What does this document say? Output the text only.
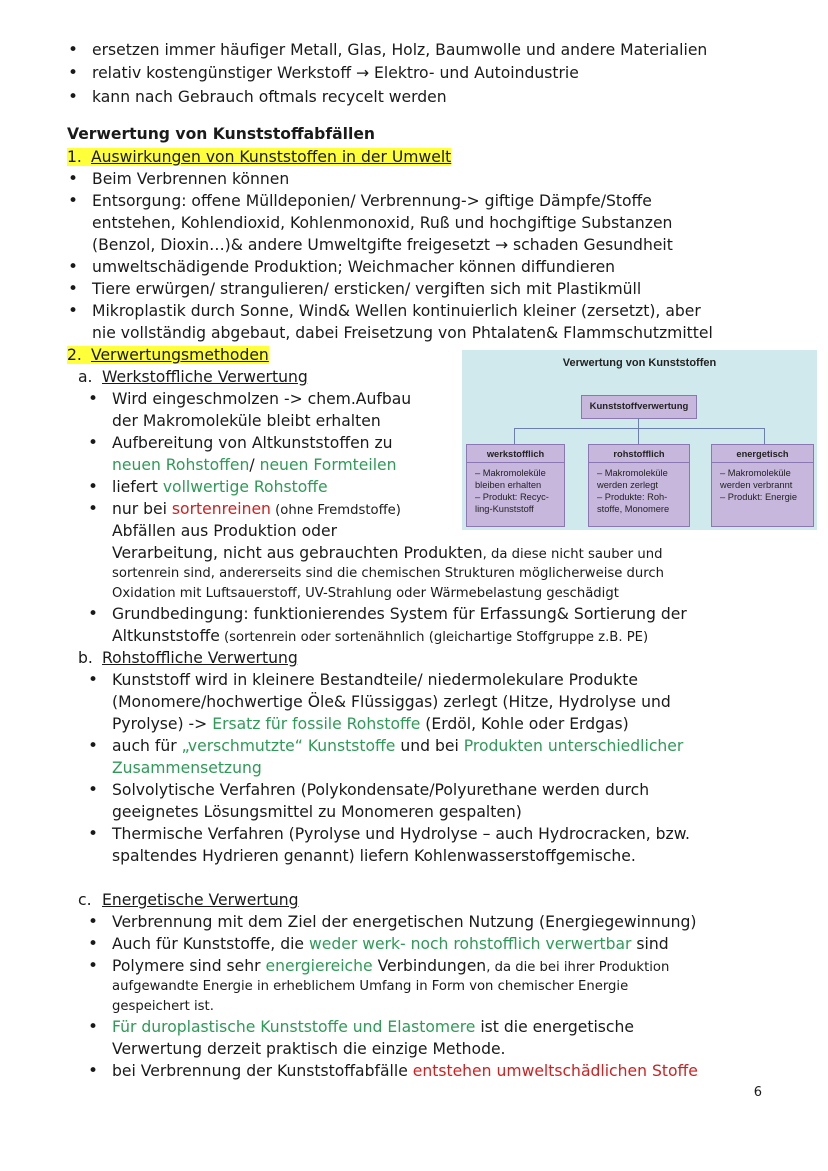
• ersetzen immer häufiger Metall, Glas, Holz, Baumwolle und andere Materialien
• relativ kostengünstiger Werkstoff → Elektro- und Autoindustrie
• kann nach Gebrauch oftmals recycelt werden
Verwertung von Kunststoffabfällen
1. Auswirkungen von Kunststoffen in der Umwelt
• Beim Verbrennen können
• Entsorgung: offene Mülldeponien/ Verbrennung-> giftige Dämpfe/Stoffe
entstehen, Kohlendioxid, Kohlenmonoxid, Ruß und hochgiftige Substanzen
(Benzol, Dioxin…)& andere Umweltgifte freigesetzt → schaden Gesundheit
• umweltschädigende Produktion; Weichmacher können diffundieren
• Tiere erwürgen/ strangulieren/ ersticken/ vergiften sich mit Plastikmüll
• Mikroplastik durch Sonne, Wind& Wellen kontinuierlich kleiner (zersetzt), aber
nie vollständig abgebaut, dabei Freisetzung von Phtalaten& Flammschutzmittel
2. Verwertungsmethoden
a. Werkstoffliche Verwertung
• Wird eingeschmolzen -> chem.Aufbau
der Makromoleküle bleibt erhalten
• Aufbereitung von Altkunststoffen zu
neuen Rohstoffen/ neuen Formteilen
• liefert vollwertige Rohstoffe
• nur bei sortenreinen (ohne Fremdstoffe)
Abfällen aus Produktion oder
Verarbeitung, nicht aus gebrauchten Produkten, da diese nicht sauber und
sortenrein sind, andererseits sind die chemischen Strukturen möglicherweise durch
Oxidation mit Luftsauerstoff, UV-Strahlung oder Wärmebelastung geschädigt
• Grundbedingung: funktionierendes System für Erfassung& Sortierung der
Altkunststoffe (sortenrein oder sortenähnlich (gleichartige Stoffgruppe z.B. PE)
b. Rohstoffliche Verwertung
• Kunststoff wird in kleinere Bestandteile/ niedermolekulare Produkte
(Monomere/hochwertige Öle& Flüssiggas) zerlegt (Hitze, Hydrolyse und
Pyrolyse) -> Ersatz für fossile Rohstoffe (Erdöl, Kohle oder Erdgas)
• auch für „verschmutzte“ Kunststoffe und bei Produkten unterschiedlicher
Zusammensetzung
• Solvolytische Verfahren (Polykondensate/Polyurethane werden durch
geeignetes Lösungsmittel zu Monomeren gespalten)
• Thermische Verfahren (Pyrolyse und Hydrolyse – auch Hydrocracken, bzw.
spaltendes Hydrieren genannt) liefern Kohlenwasserstoffgemische.
c. Energetische Verwertung
• Verbrennung mit dem Ziel der energetischen Nutzung (Energiegewinnung)
• Auch für Kunststoffe, die weder werk- noch rohstofflich verwertbar sind
• Polymere sind sehr energiereiche Verbindungen, da die bei ihrer Produktion
aufgewandte Energie in erheblichem Umfang in Form von chemischer Energie
gespeichert ist.
• Für duroplastische Kunststoffe und Elastomere ist die energetische
Verwertung derzeit praktisch die einzige Methode.
• bei Verbrennung der Kunststoffabfälle entstehen umweltschädlichen Stoffe
Verwertung von Kunststoffen
Kunststoffverwertung
werkstofflich
– Makromoleküle
bleiben erhalten
– Produkt: Recyc-
ling-Kunststoff
rohstofflich
– Makromoleküle
werden zerlegt
– Produkte: Roh-
stoffe, Monomere
energetisch
– Makromoleküle
werden verbrannt
– Produkt: Energie
6
